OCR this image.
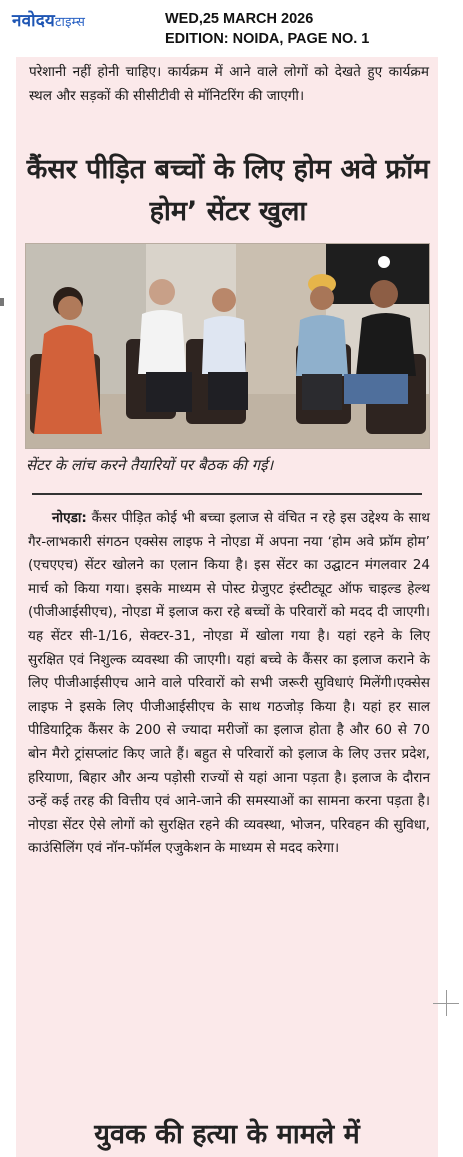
नवोदयटाइम्स	WED,25 MARCH 2026
EDITION: NOIDA, PAGE NO. 1
परेशानी नहीं होनी चाहिए। कार्यक्रम में आने वाले लोगों को देखते हुए कार्यक्रम स्थल और सड़कों की सीसीटीवी से मॉनिटरिंग की जाएगी।
कैंसर पीड़ित बच्चों के लिए होम अवे फ्रॉम होम’ सेंटर खुला
सेंटर के लांच करने तैयारियों पर बैठक की गई।
नोएडा: कैंसर पीड़ित कोई भी बच्चा इलाज से वंचित न रहे इस उद्देश्य के साथ गैर-लाभकारी संगठन एक्सेस लाइफ ने नोएडा में अपना नया ‘होम अवे फ्रॉम होम’ (एचएएच) सेंटर खोलने का एलान किया है। इस सेंटर का उद्घाटन मंगलवार 24 मार्च को किया गया। इसके माध्यम से पोस्ट ग्रेजुएट इंस्टीट्यूट ऑफ चाइल्ड हेल्थ (पीजीआईसीएच), नोएडा में इलाज करा रहे बच्चों के परिवारों को मदद दी जाएगी। यह सेंटर सी-1/16, सेक्टर-31, नोएडा में खोला गया है। यहां रहने के लिए सुरक्षित एवं निशुल्क व्यवस्था की जाएगी। यहां बच्चे के कैंसर का इलाज कराने के लिए पीजीआईसीएच आने वाले परिवारों को सभी जरूरी सुविधाएं मिलेंगी।एक्सेस लाइफ ने इसके लिए पीजीआईसीएच के साथ गठजोड़ किया है। यहां हर साल पीडियाट्रिक कैंसर के 200 से ज्यादा मरीजों का इलाज होता है और 60 से 70 बोन मैरो ट्रांसप्लांट किए जाते हैं। बहुत से परिवारों को इलाज के लिए उत्तर प्रदेश, हरियाणा, बिहार और अन्य पड़ोसी राज्यों से यहां आना पड़ता है। इलाज के दौरान उन्हें कई तरह की वित्तीय एवं आने-जाने की समस्याओं का सामना करना पड़ता है। नोएडा सेंटर ऐसे लोगों को सुरक्षित रहने की व्यवस्था, भोजन, परिवहन की सुविधा, काउंसिलिंग एवं नॉन-फॉर्मल एजुकेशन के माध्यम से मदद करेगा।
युवक की हत्या के मामले में
